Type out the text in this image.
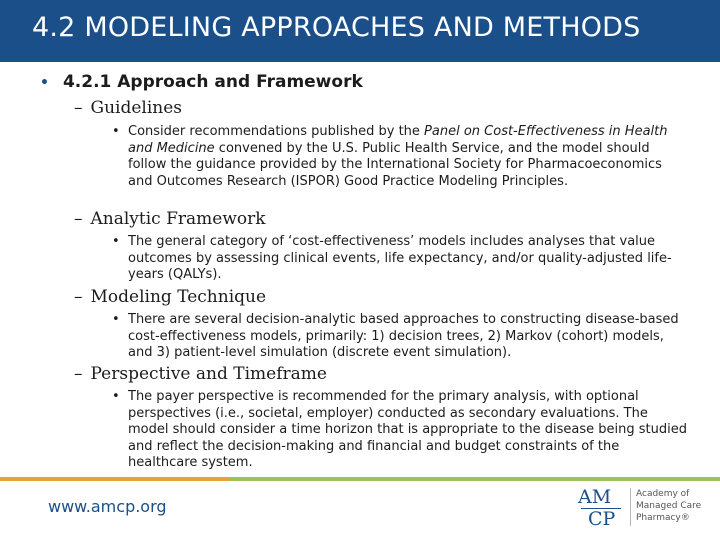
4.2 MODELING APPROACHES AND METHODS
• 4.2.1 Approach and Framework
– Guidelines
• Consider recommendations published by the Panel on Cost-Effectiveness in Health and Medicine convened by the U.S. Public Health Service, and the model should follow the guidance provided by the International Society for Pharmacoeconomics and Outcomes Research (ISPOR) Good Practice Modeling Principles.
– Analytic Framework
• The general category of ‘cost-effectiveness’ models includes analyses that value outcomes by assessing clinical events, life expectancy, and/or quality-adjusted life-years (QALYs).
– Modeling Technique
• There are several decision-analytic based approaches to constructing disease-based cost-effectiveness models, primarily: 1) decision trees, 2) Markov (cohort) models, and 3) patient-level simulation (discrete event simulation).
– Perspective and Timeframe
• The payer perspective is recommended for the primary analysis, with optional perspectives (i.e., societal, employer) conducted as secondary evaluations. The model should consider a time horizon that is appropriate to the disease being studied and reflect the decision-making and financial and budget constraints of the healthcare system.
www.amcp.org	AM
CP
Academy of
Managed Care
Pharmacy®
